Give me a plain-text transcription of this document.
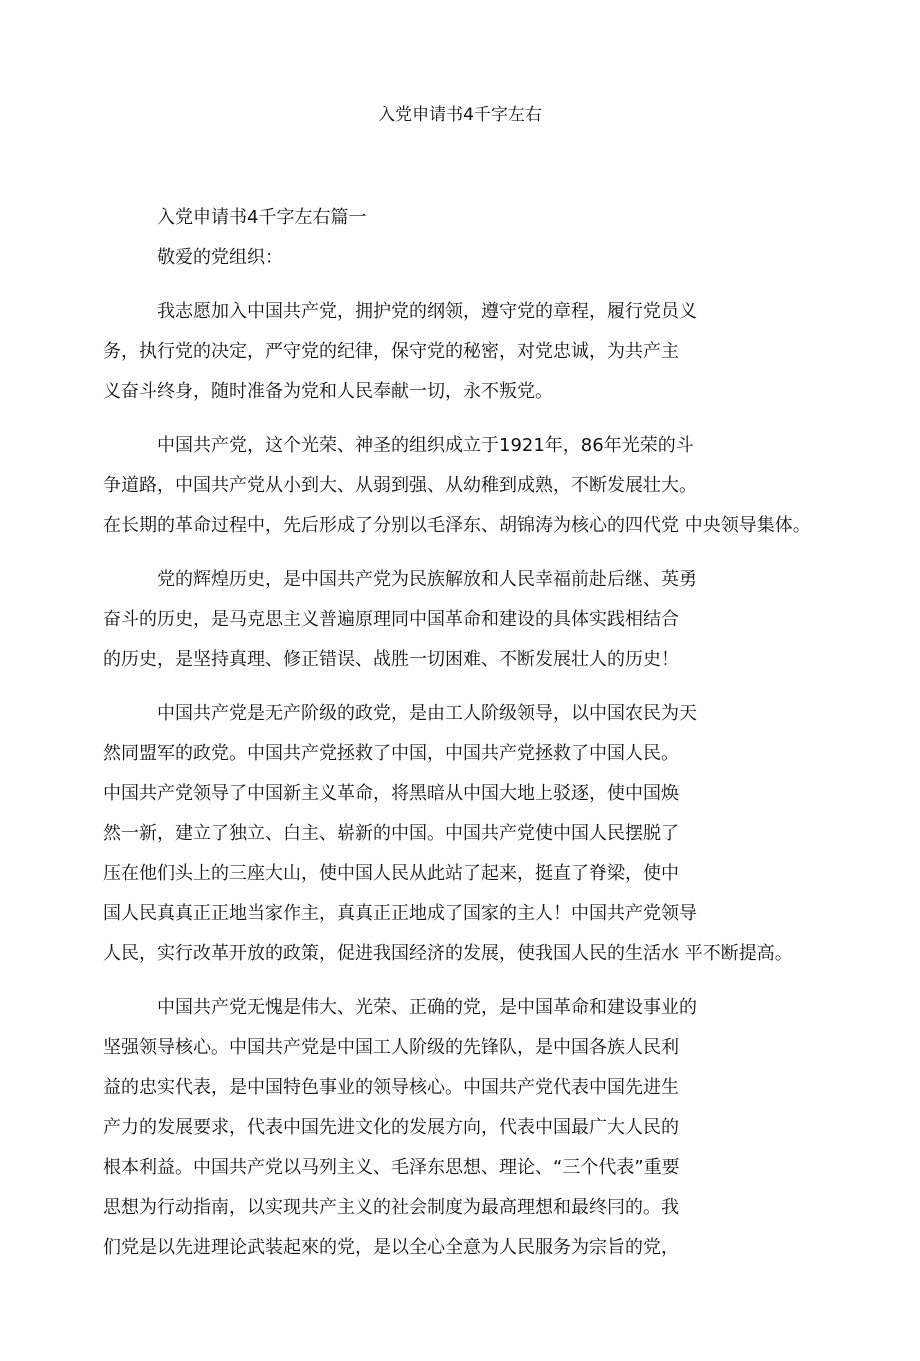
入党申请书4千字左右
入党申请书4千字左右篇一
敬爱的党组织：
我志愿加入中国共产党，拥护党的纲领，遵守党的章程，履行党员义
务，执行党的决定，严守党的纪律，保守党的秘密，对党忠诚，为共产主
义奋斗终身，随时准备为党和人民奉献一切，永不叛党。
中国共产党，这个光荣、神圣的组织成立于1921年，86年光荣的斗
争道路，中国共产党从小到大、从弱到强、从幼稚到成熟，不断发展壮大。
在长期的革命过程中，先后形成了分别以毛泽东、胡锦涛为核心的四代党 中央领导集体。
党的辉煌历史，是中国共产党为民族解放和人民幸福前赴后继、英勇
奋斗的历史，是马克思主义普遍原理同中国革命和建设的具体实践相结合
的历史，是坚持真理、修正错误、战胜一切困难、不断发展壮人的历史！
中国共产党是无产阶级的政党，是由工人阶级领导，以中国农民为天
然同盟军的政党。中国共产党拯救了中国，中国共产党拯救了中国人民。
中国共产党领导了中国新主义革命，将黑暗从中国大地上驳逐，使中国焕
然一新，建立了独立、白主、崭新的中国。中国共产党使中国人民摆脱了
压在他们头上的三座大山，使中国人民从此站了起来，挺直了脊梁，使中
国人民真真正正地当家作主，真真正正地成了国家的主人！中国共产党领导
人民，实行改革开放的政策，促进我国经济的发展，使我国人民的生活水 平不断提高。
中国共产党无愧是伟大、光荣、正确的党，是中国革命和建设事业的
坚强领导核心。中国共产党是中国工人阶级的先锋队，是中国各族人民利
益的忠实代表，是中国特色事业的领导核心。中国共产党代表中国先进生
产力的发展要求，代表中国先进文化的发展方向，代表中国最广大人民的
根本利益。中国共产党以马列主义、毛泽东思想、理论、“三个代表”重要
思想为行动指南，以实现共产主义的社会制度为最高理想和最终冃的。我
们党是以先进理论武装起來的党，是以全心全意为人民服务为宗旨的党，
